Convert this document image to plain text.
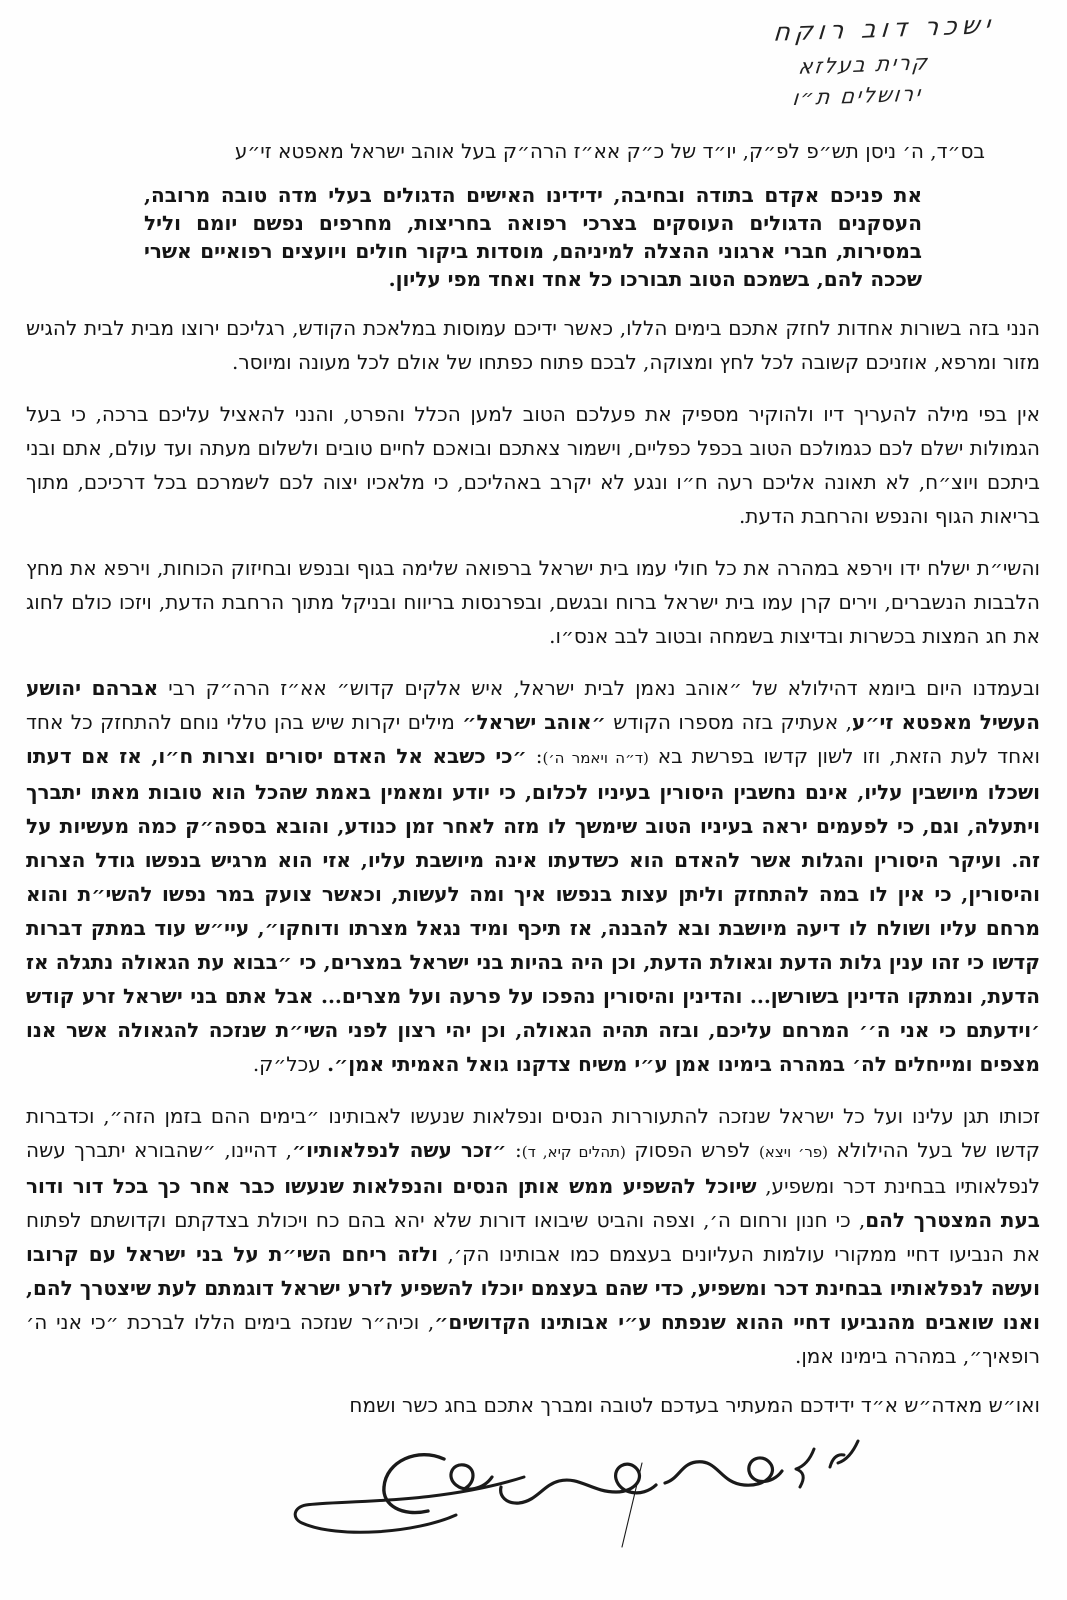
ישכר דוב רוקח
קרית בעלזא
ירושלים ת״ו
בס״ד, ה׳ ניסן תש״פ לפ״ק, יו״ד של כ״ק אא״ז הרה״ק בעל אוהב ישראל מאפטא זי״ע

את פניכם אקדם בתודה ובחיבה, ידידינו האישים הדגולים בעלי מדה טובה מרובה, העסקנים הדגולים העוסקים בצרכי רפואה בחריצות, מחרפים נפשם יומם וליל במסירות, חברי ארגוני ההצלה למיניהם, מוסדות ביקור חולים ויועצים רפואיים אשרי שככה להם, בשמכם הטוב תבורכו כל אחד ואחד מפי עליון.

הנני בזה בשורות אחדות לחזק אתכם בימים הללו, כאשר ידיכם עמוסות במלאכת הקודש, רגליכם ירוצו מבית לבית להגיש מזור ומרפא, אוזניכם קשובה לכל לחץ ומצוקה, לבכם פתוח כפתחו של אולם לכל מעונה ומיוסר.

אין בפי מילה להעריך דיו ולהוקיר מספיק את פעלכם הטוב למען הכלל והפרט, והנני להאציל עליכם ברכה, כי בעל הגמולות ישלם לכם כגמולכם הטוב בכפל כפליים, וישמור צאתכם ובואכם לחיים טובים ולשלום מעתה ועד עולם, אתם ובני ביתכם ויוצ״ח, לא תאונה אליכם רעה ח״ו ונגע לא יקרב באהליכם, כי מלאכיו יצוה לכם לשמרכם בכל דרכיכם, מתוך בריאות הגוף והנפש והרחבת הדעת.

והשי״ת ישלח ידו וירפא במהרה את כל חולי עמו בית ישראל ברפואה שלימה בגוף ובנפש ובחיזוק הכוחות, וירפא את מחץ הלבבות הנשברים, וירים קרן עמו בית ישראל ברוח ובגשם, ובפרנסות בריווח ובניקל מתוך הרחבת הדעת, ויזכו כולם לחוג את חג המצות בכשרות ובדיצות בשמחה ובטוב לבב אנס״ו.

ובעמדנו היום ביומא דהילולא של ״אוהב נאמן לבית ישראל, איש אלקים קדוש״ אא״ז הרה״ק רבי אברהם יהושע העשיל מאפטא זי״ע, אעתיק בזה מספרו הקודש ״אוהב ישראל״ מילים יקרות שיש בהן טללי נוחם להתחזק כל אחד ואחד לעת הזאת, וזו לשון קדשו בפרשת בא (ד״ה ויאמר ה׳): ״כי כשבא אל האדם יסורים וצרות ח״ו, אז אם דעתו ושכלו מיושבין עליו, אינם נחשבין היסורין בעיניו לכלום, כי יודע ומאמין באמת שהכל הוא טובות מאתו יתברך ויתעלה, וגם, כי לפעמים יראה בעיניו הטוב שימשך לו מזה לאחר זמן כנודע, והובא בספה״ק כמה מעשיות על זה. ועיקר היסורין והגלות אשר להאדם הוא כשדעתו אינה מיושבת עליו, אזי הוא מרגיש בנפשו גודל הצרות והיסורין, כי אין לו במה להתחזק וליתן עצות בנפשו איך ומה לעשות, וכאשר צועק במר נפשו להשי״ת והוא מרחם עליו ושולח לו דיעה מיושבת ובא להבנה, אז תיכף ומיד נגאל מצרתו ודוחקו״, עיי״ש עוד במתק דברות קדשו כי זהו ענין גלות הדעת וגאולת הדעת, וכן היה בהיות בני ישראל במצרים, כי ״בבוא עת הגאולה נתגלה אז הדעת, ונמתקו הדינין בשורשן... והדינין והיסורין נהפכו על פרעה ועל מצרים... אבל אתם בני ישראל זרע קודש ׳וידעתם כי אני ה׳׳ המרחם עליכם, ובזה תהיה הגאולה, וכן יהי רצון לפני השי״ת שנזכה להגאולה אשר אנו מצפים ומייחלים לה׳ במהרה בימינו אמן ע״י משיח צדקנו גואל האמיתי אמן״. עכל״ק.

זכותו תגן עלינו ועל כל ישראל שנזכה להתעוררות הנסים ונפלאות שנעשו לאבותינו ״בימים ההם בזמן הזה״, וכדברות קדשו של בעל ההילולא (פר׳ ויצא) לפרש הפסוק (תהלים קיא, ד): ״זכר עשה לנפלאותיו״, דהיינו, ״שהבורא יתברך עשה לנפלאותיו בבחינת דכר ומשפיע, שיוכל להשפיע ממש אותן הנסים והנפלאות שנעשו כבר אחר כך בכל דור ודור בעת המצטרך להם, כי חנון ורחום ה׳, וצפה והביט שיבואו דורות שלא יהא בהם כח ויכולת בצדקתם וקדושתם לפתוח את הנביעו דחיי ממקורי עולמות העליונים בעצמם כמו אבותינו הק׳, ולזה ריחם השי״ת על בני ישראל עם קרובו ועשה לנפלאותיו בבחינת דכר ומשפיע, כדי שהם בעצמם יוכלו להשפיע לזרע ישראל דוגמתם לעת שיצטרך להם, ואנו שואבים מהנביעו דחיי ההוא שנפתח ע״י אבותינו הקדושים״, וכיה״ר שנזכה בימים הללו לברכת ״כי אני ה׳ רופאיך״, במהרה בימינו אמן.

ואו״ש מאדה״ש א״ד ידידכם המעתיר בעדכם לטובה ומברך אתכם בחג כשר ושמח
